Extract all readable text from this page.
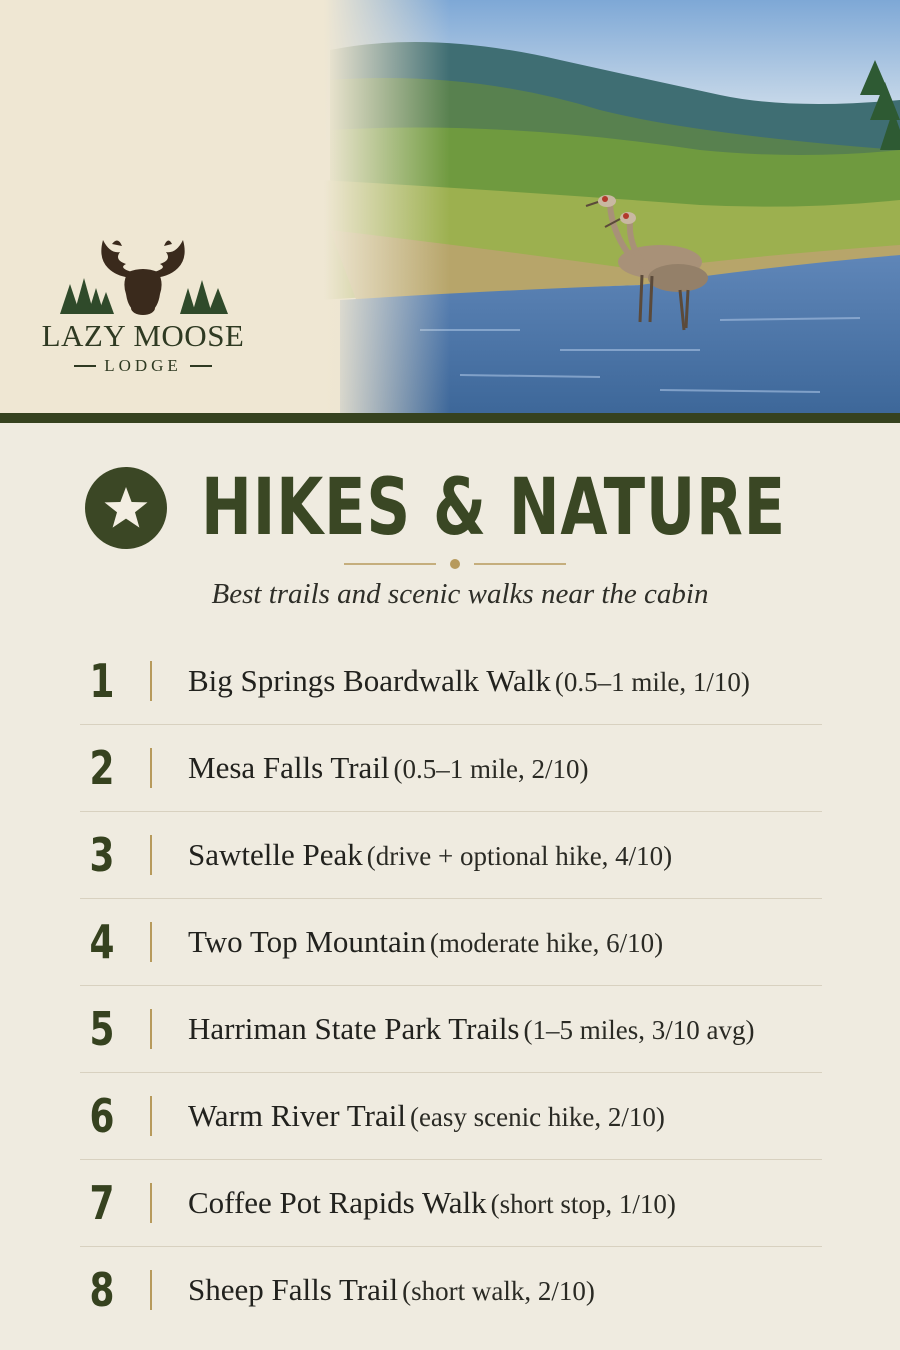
LAZY MOOSE
LODGE
HIKES & NATURE
Best trails and scenic walks near the cabin
1 Big Springs Boardwalk Walk (0.5–1 mile, 1/10)
2 Mesa Falls Trail (0.5–1 mile, 2/10)
3 Sawtelle Peak (drive + optional hike, 4/10)
4 Two Top Mountain (moderate hike, 6/10)
5 Harriman State Park Trails (1–5 miles, 3/10 avg)
6 Warm River Trail (easy scenic hike, 2/10)
7 Coffee Pot Rapids Walk (short stop, 1/10)
8 Sheep Falls Trail (short walk, 2/10)
